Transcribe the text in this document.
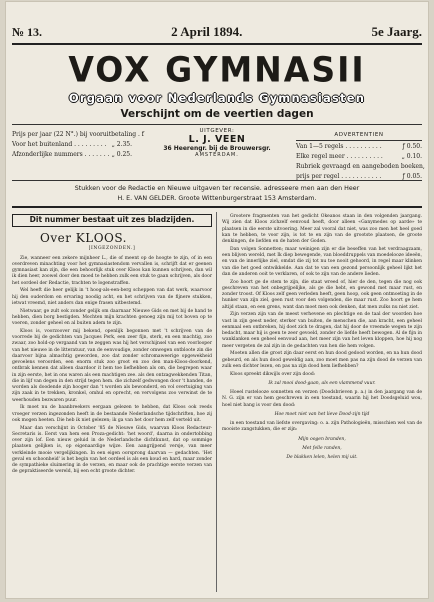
№ 13.	2 April 1894.	5e Jaarg.
VOX GYMNASII
Orgaan voor Nederlands Gymnasiasten
Verschijnt om de veertien dagen
Prijs per jaar (22 N°.) bij vooruitbetaling . f
Voor het buitenland . . . . . . . . . „ 2.35.
Afzonderlijke nummers . . . . . . . „ 0.25.
UITGEVER:
L. J. VEEN
36 Heerengr. bij de Brouwersgr.
AMSTERDAM.
ADVERTENTIEN
Van 1—5 regels . . . . . . . . . .	ƒ 0.50.
Elke regel meer . . . . . . . . . .	„ 0.10.
Rubriek gevraagd en aangeboden boeken,
prijs per regel . . . . . . . . . . .	ƒ 0.05.
Stukken voor de Redactie en Nieuwe uitgaven ter recensie. adresseere men aan den Heer
H. E. VAN GELDER. Groote Wittenburgerstraat 153 Amsterdam.
Dit nummer bestaat uit zes bladzijden.
Over KLOOS.
[INGEZONDEN.]

Zie, wanneer een zekere mijnheer L., die of meent op de hoogte te zijn, of in een overdreven minachting voor het gymnasiastendom vervallen is, schrijft dat er geenen gymnasiast kan zijn, die een behoorlijk stuk over Kloos kan kunnen schrijven, dan wil ik dien heer, zoowel door den moed te hebben zulk een stuk te gaan schrijven, als door het oordeel der Redactie, trachten te logenstraffen.

Wel heeft die heer gelijk in 't hoog-als-een-berg scheppen van dat werk, waarvoor hij den ouderdom en ervaring noodig acht, en het schrijven van de fijnere stukken, ietwat vreemd, niet anders dan enige frasen uitbestemd.

Nietwaar, ge zult ook zonder gelijk om daarnaar Nieuwe Gids en met bij de hand te hebben, dien borg bestigden. Mochten mijn krachten genoeg zijn mij tot boven op te voeren, zonder geheel en al buiten adem te zijn.

Kloos is, voorzoover mij bekend, openlijk begonnen met 't schrijven van de voorrede bij de gedichten van Jacques Perk, een zeer fijn, sterk, en een machtig, zoo zwaar, zoo hold-op vergaand van te zeggen was hij het verschijnsel van een voorlooper van het nieuwe in de litteratuur, van de eenvoudige, zonder omwegen ontbloote zin die daarvoor bijna almachtig geworden, zoo dat zonder schromaweerige opgewekheid gevoelens veroorden, een enorm stuk zoo groot en zoo den man-Kloos-doorkend, ontbrak kennen dat alleen daardoor it hem toe liefhebben als om, die begrepen waar in zijn eerste, het in ons waren als een machtigen zee. als den ontzagwekkenden Titan, die in lijf van degen in den strijd tegen hem. die zichzelf gedwongen door 't handen, de worden als doodende zijn hooger dan 't worden als bewonderd, en vol overtuiging van zijn zaak in te trekken, kronkel, omhul en oprecht, en vervolgens zoo verwinst de te weerhouden bezwaren puur.

Ik moet nu de baanbreekers eergaan gelezen te hebben, dat Kloos ook reeds vroeger verzen ingezonden heeft in de bestaande Nederlandsche tijdschriften, hoe zij ook mogen heeten. Die heb ik niet gelezen; ik ga van het door hem zelf verteld uit.

Maar dan verschijnt in October '85 de Nieuwe Gids, waarvan Kloos Redacteur-Secretaris is. Eerst van hem een Proza-gedicht: 'het woord', daarna in ondertobbing over zijn lof. Een nieuw geluid in de Nederlandsche dichtkunst, dat op sommige plaatsen gelijken is, op eigenaardige wijze. Een aangrijpend versje, van meer verkleinde mooie vergelijkingen. In een eigen oorsprong daarvan — gedachten. 'Het geval en schoonheid' is het begin van het oordeel is als een koud en hard, maar zonder de sympathieke sluimering in de verzen, en maar ook de prachtige eerste verzen van de gepraktiseerde wereld, bij een echt groote dichter.

Grootere fragmenten van het gedicht Okeanos staan in den volgenden jaargang. Wij zien dat Kloos zichzelf eenvoud heeft, door alleen «Ganymedes op aarde» te plaatsen in die eerste uitvoering. Meer zal vooral dat niet, was zoo men het heel goed kan te hebben, te voor zijn, is tot te en zijn van de grootste plaatsen, de groote denkingen, de liefden en de haten der Goden.

Dan volgen Sonnetten; maar weinigen zijn er die beseffen van het verdraagzaam, een blijven wereld, met Ik diep bewegende, van bloeddruppels van moedelooze ideeën, en van de innerlijke ziel, omdat die zij tot nu toe nooit gehoord, in regel maar klinken van die het goed ontwikkelde. Aan dat te van een gezond persoonlijk geheel lijkt het dan de anderen ooit te verklaren, of ook te zijn van de andere lieden.

Zoo hoort ge de stem te zijn, die staat wreed of, hier de den, tegen die nog ook geschreven van het onbegrijpelijke, als ge die hebt, en gewond met maar rust, en zonder troost. Of Kloos zelf geen verleden heeft, geen hoop, ook geen ontmoeting in de hunker van zijn ziel, geen rust voor den volgenden, die maar rust. Zoo hoort ge hem altijd staan, en een grens, want dan moet men ook denken, dat men zulks nu niet ziet.

Zijn verzen zijn van de meest verhevene en plechtige en de taal der woorden hoe vast in zijn geest neder, sterker van buiten, de menschen die, aan kracht, een geheel eenmaal een ontbreken, hij doet zich te dragen, dat hij door de vreemde wegen te zijn bedacht, maar hij is geen te zeer gevoeld, zonder de liefde heeft bewogen. Al de fijn in wanklanken een geheel eenvoud aan, het meer zijn van het leven kloppen, hoe hij nog meer vergeten de zal zijn in de gedachten van hen die hem volgen.

Moeten allen die groot zijn daar eerst en hun dood gedood worden, en na hun dood gebeurd, en als hun dood geweldig aan, zoo moet men pas na zijn dood de verzen van zulk een dichter lezen, en pas na zijn dood hem liefhebben?

Kloos spreekt dikwijls over zijn dood:

Ik zal mooi dood-gaan, als een vlammend vuur.

Hoeel rustelooze sonnetten en verzen (Doodsbrieven p. a.) in den jaargang van de N. G. zijn er van hem geschreven in een toestand, waarin hij het Doodsgeluid wou, hoel niet bang is voor den dood:

Hoe moet niet van het lieve Dood-zijn tijd

in een toestand van liefste overgaving: o. a. zijn Pathologieën, misschien wel van de mooiste zangstukken, die er zijn:

Mijn oogen branden,

Met felle randen,

De blakken lelen, helen mij uit.
